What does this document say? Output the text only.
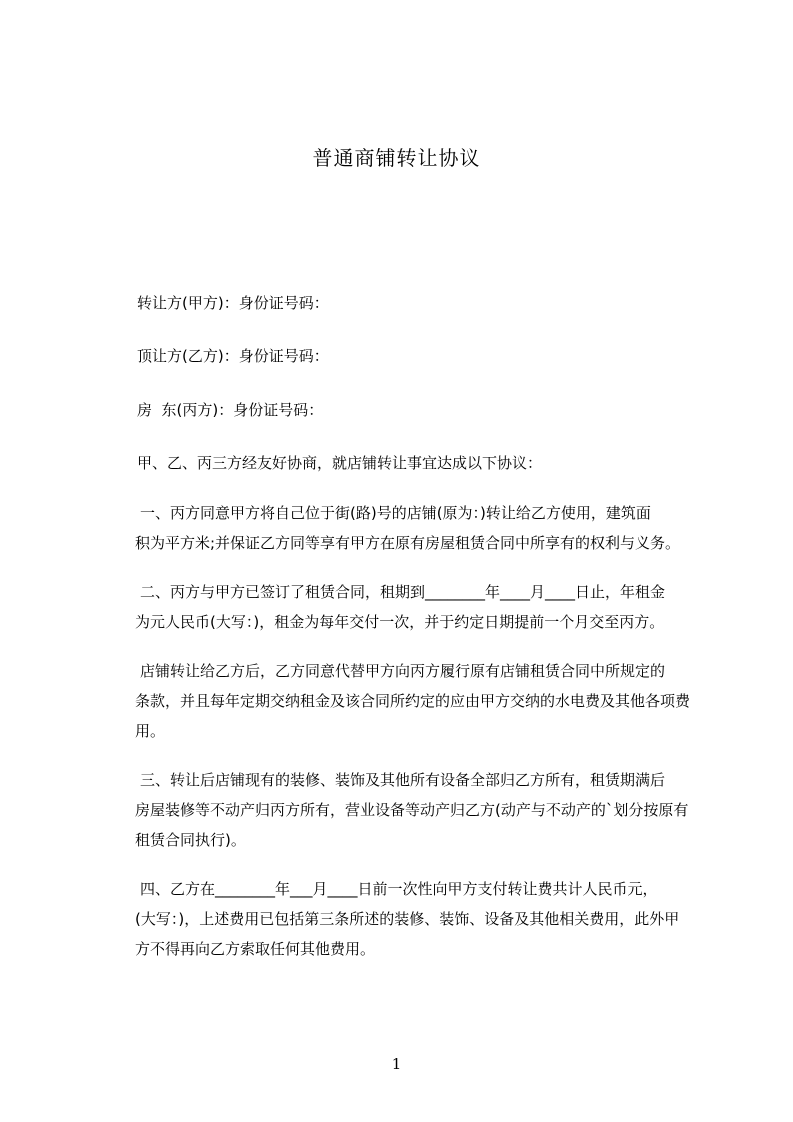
普通商铺转让协议
转让方(甲方)：身份证号码：
顶让方(乙方)：身份证号码：
房  东(丙方)：身份证号码：
甲、乙、丙三方经友好协商，就店铺转让事宜达成以下协议：

一、丙方同意甲方将自己位于街(路)号的店铺(原为：)转让给乙方使用，建筑面

积为平方米;并保证乙方同等享有甲方在原有房屋租赁合同中所享有的权利与义务。

二、丙方与甲方已签订了租赁合同，租期到________年____月____日止，年租金

为元人民币(大写：)，租金为每年交付一次，并于约定日期提前一个月交至丙方。

店铺转让给乙方后，乙方同意代替甲方向丙方履行原有店铺租赁合同中所规定的

条款，并且每年定期交纳租金及该合同所约定的应由甲方交纳的水电费及其他各项费

用。

三、转让后店铺现有的装修、装饰及其他所有设备全部归乙方所有，租赁期满后

房屋装修等不动产归丙方所有，营业设备等动产归乙方(动产与不动产的`划分按原有

租赁合同执行)。

四、乙方在________年___月____日前一次性向甲方支付转让费共计人民币元，

(大写：)，上述费用已包括第三条所述的装修、装饰、设备及其他相关费用，此外甲

方不得再向乙方索取任何其他费用。

1
